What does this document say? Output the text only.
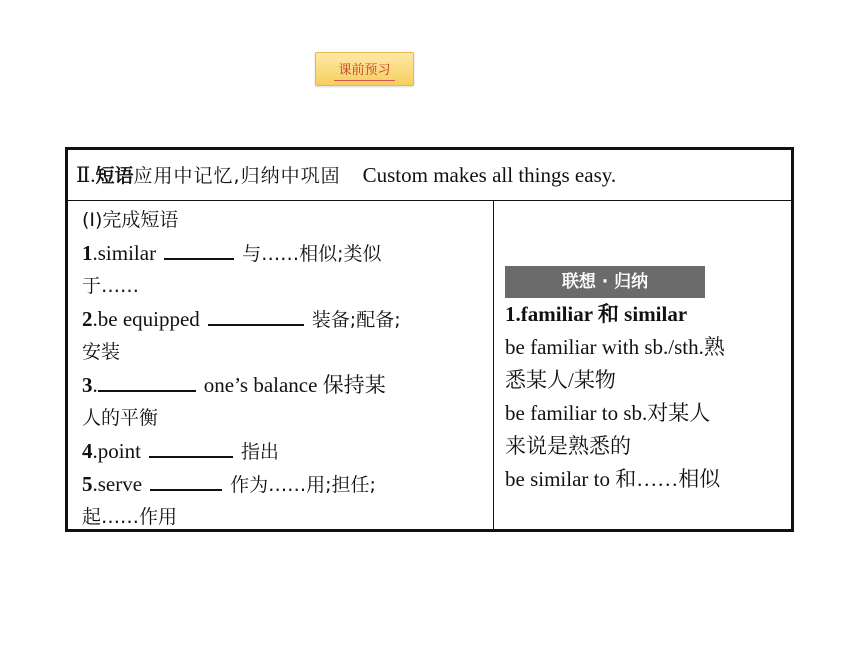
课前预习
Ⅱ.短语应用中记忆,归纳中巩固 Custom makes all things easy.
(Ⅰ)完成短语
1.similar	与……相似;类似
于……
2.be equipped	装备;配备;
安装
3.	one’s balance 保持某
人的平衡
4.point	指出
5.serve	作为……用;担任;
起……作用
联想 · 归纳
1.familiar 和 similar
be familiar with sb./sth.熟
悉某人/某物
be familiar to sb.对某人
来说是熟悉的
be similar to 和……相似
